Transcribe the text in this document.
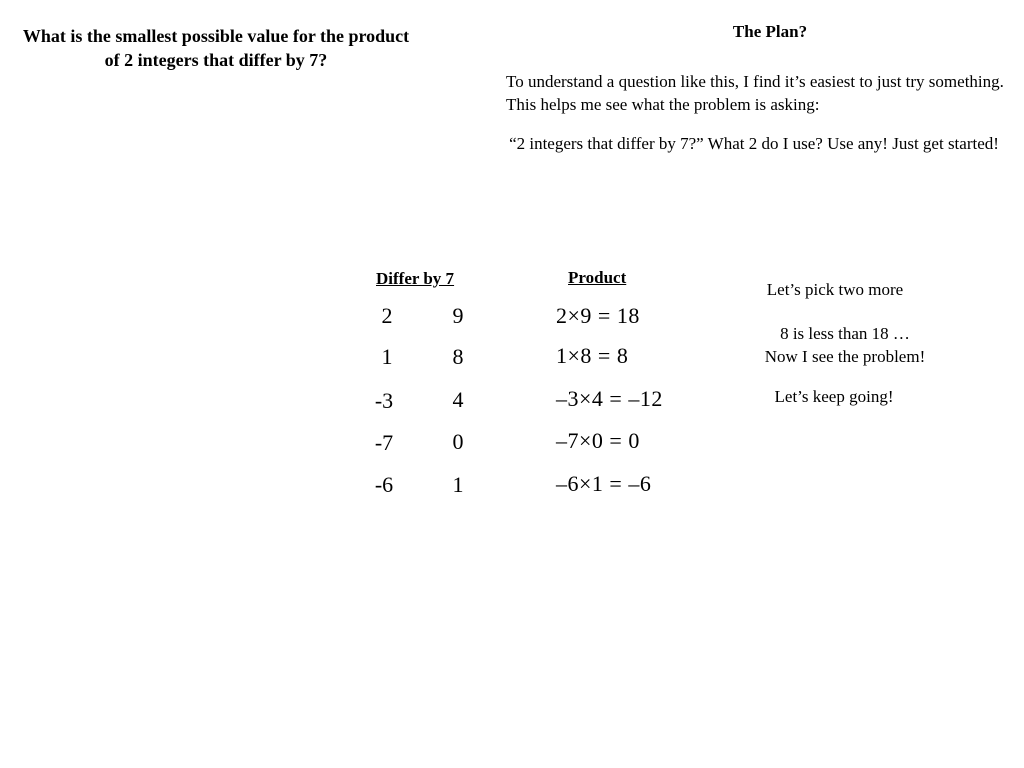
What is the smallest possible value for the product of 2 integers that differ by 7?
The Plan?
To understand a question like this, I find it’s easiest to just try something. This helps me see what the problem is asking:
“2 integers that differ by 7?” What 2 do I use? Use any! Just get started!
Differ by 7	Product
2	9	2×9 = 18
1	8	1×8 = 8
-3	4	–3×4 = –12
-7	0	–7×0 = 0
-6	1	–6×1 = –6
Let’s pick two more
8 is less than 18 …
Now I see the problem!
Let’s keep going!
